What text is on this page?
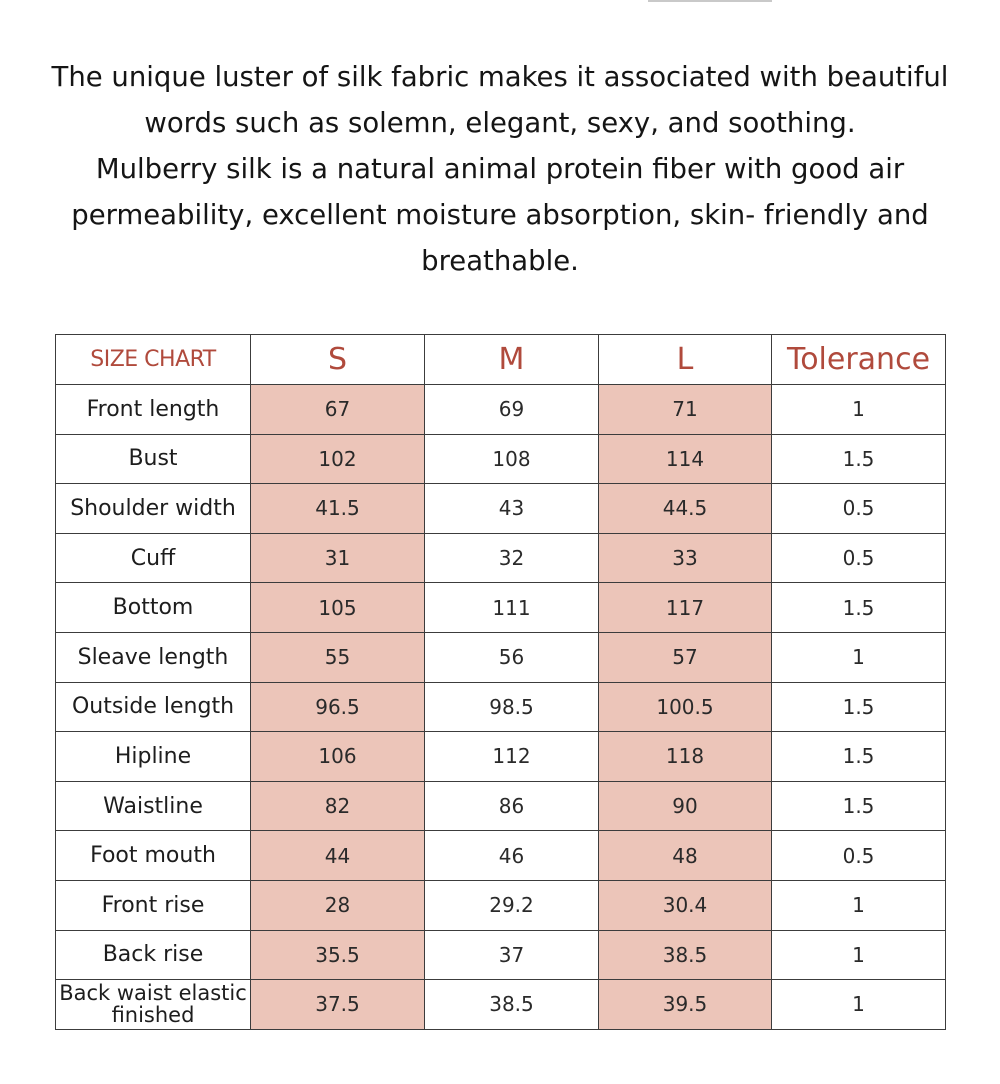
The unique luster of silk fabric makes it associated with beautiful words such as solemn, elegant, sexy, and soothing.

Mulberry silk is a natural animal protein fiber with good air permeability, excellent moisture absorption, skin- friendly and breathable.

SIZE CHART	S	M	L	Tolerance
Front length	67	69	71	1
Bust	102	108	114	1.5
Shoulder width	41.5	43	44.5	0.5
Cuff	31	32	33	0.5
Bottom	105	111	117	1.5
Sleave length	55	56	57	1
Outside length	96.5	98.5	100.5	1.5
Hipline	106	112	118	1.5
Waistline	82	86	90	1.5
Foot mouth	44	46	48	0.5
Front rise	28	29.2	30.4	1
Back rise	35.5	37	38.5	1
Back waist elastic finished	37.5	38.5	39.5	1
